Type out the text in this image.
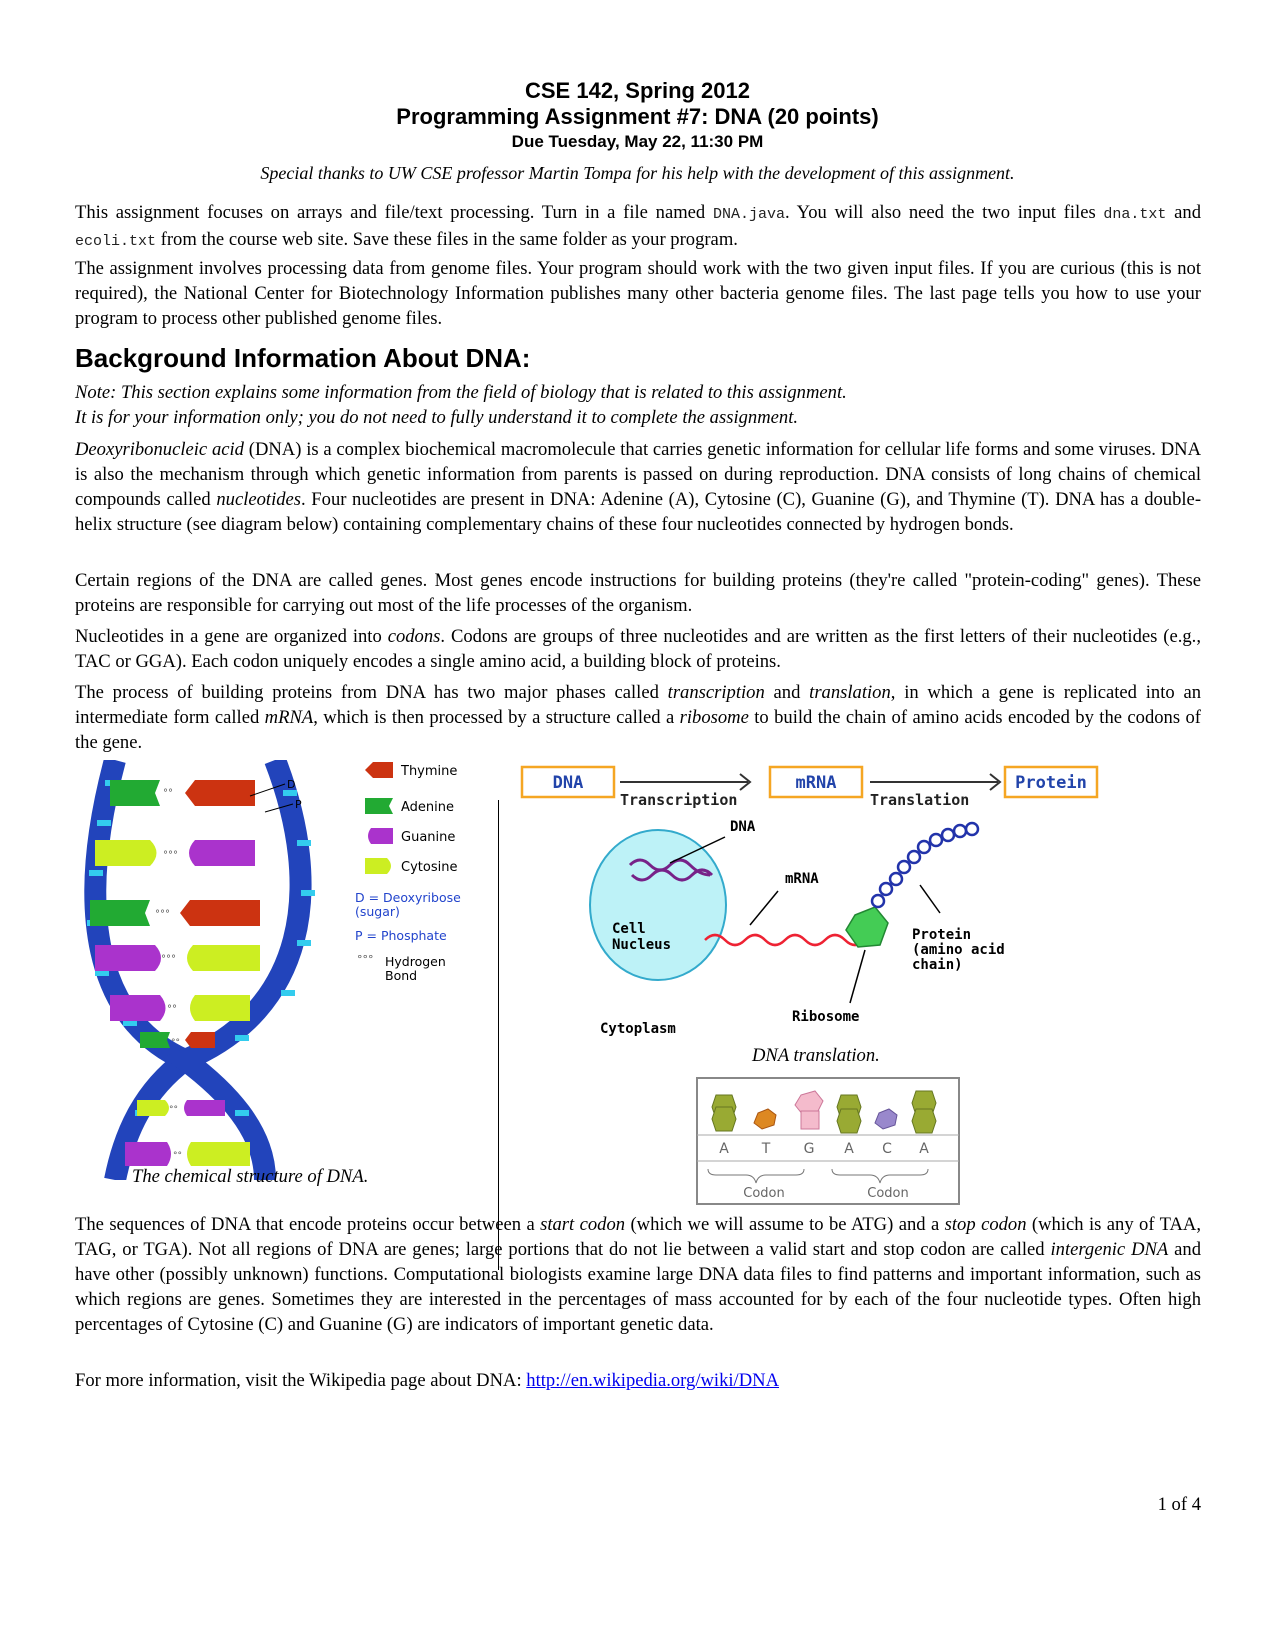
CSE 142, Spring 2012
Programming Assignment #7: DNA (20 points)
Due Tuesday, May 22, 11:30 PM
Special thanks to UW CSE professor Martin Tompa for his help with the development of this assignment.
This assignment focuses on arrays and file/text processing. Turn in a file named DNA.java. You will also need the two input files dna.txt and ecoli.txt from the course web site. Save these files in the same folder as your program.
The assignment involves processing data from genome files. Your program should work with the two given input files. If you are curious (this is not required), the National Center for Biotechnology Information publishes many other bacteria genome files. The last page tells you how to use your program to process other published genome files.
Background Information About DNA:
Note: This section explains some information from the field of biology that is related to this assignment.
It is for your information only; you do not need to fully understand it to complete the assignment.
Deoxyribonucleic acid (DNA) is a complex biochemical macromolecule that carries genetic information for cellular life forms and some viruses. DNA is also the mechanism through which genetic information from parents is passed on during reproduction. DNA consists of long chains of chemical compounds called nucleotides. Four nucleotides are present in DNA: Adenine (A), Cytosine (C), Guanine (G), and Thymine (T). DNA has a double-helix structure (see diagram below) containing complementary chains of these four nucleotides connected by hydrogen bonds.
Certain regions of the DNA are called genes. Most genes encode instructions for building proteins (they're called "protein-coding" genes). These proteins are responsible for carrying out most of the life processes of the organism.
Nucleotides in a gene are organized into codons. Codons are groups of three nucleotides and are written as the first letters of their nucleotides (e.g., TAC or GGA). Each codon uniquely encodes a single amino acid, a building block of proteins.
The process of building proteins from DNA has two major phases called transcription and translation, in which a gene is replicated into an intermediate form called mRNA, which is then processed by a structure called a ribosome to build the chain of amino acids encoded by the codons of the gene.
°°
°°°
°°°
°°°
°°
°°
°°
°°
D
P
Thymine
Adenine
Guanine
Cytosine
D = Deoxyribose
(sugar)
P = Phosphate
°°° Hydrogen
Bond
The chemical structure of DNA.
DNA
Transcription
mRNA
Translation
Protein
DNA
Cell
Nucleus
mRNA
Ribosome
Protein
(amino acid
chain)
Cytoplasm
DNA translation.
A T G A C A
Codon	Codon
The sequences of DNA that encode proteins occur between a start codon (which we will assume to be ATG) and a stop codon (which is any of TAA, TAG, or TGA). Not all regions of DNA are genes; large portions that do not lie between a valid start and stop codon are called intergenic DNA and have other (possibly unknown) functions. Computational biologists examine large DNA data files to find patterns and important information, such as which regions are genes. Sometimes they are interested in the percentages of mass accounted for by each of the four nucleotide types. Often high percentages of Cytosine (C) and Guanine (G) are indicators of important genetic data.
For more information, visit the Wikipedia page about DNA: http://en.wikipedia.org/wiki/DNA
1 of 4
